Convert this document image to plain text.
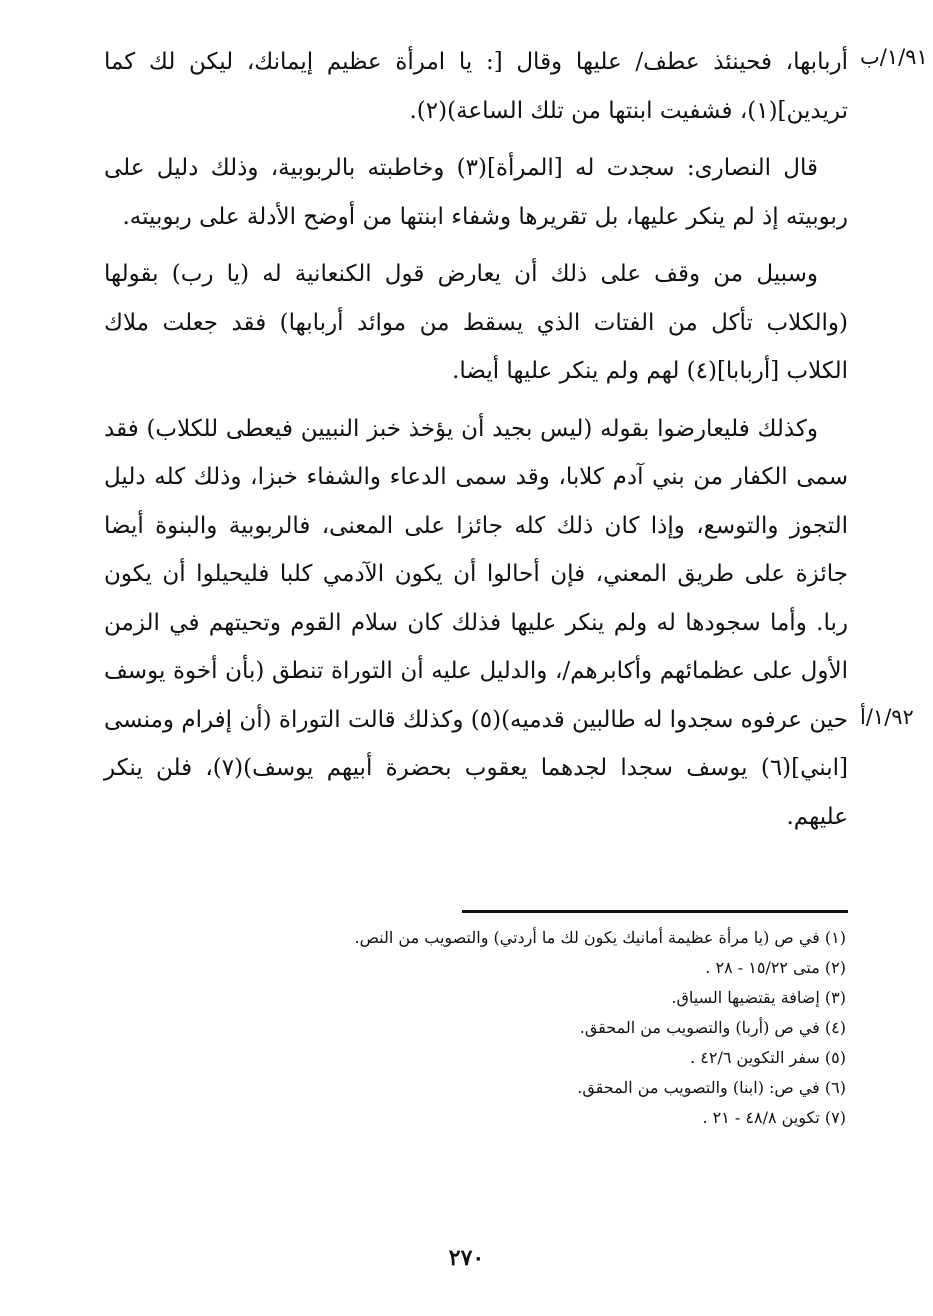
١/٩١/ب
١/٩٢/أ

أربابها، فحينئذ عطف/ عليها وقال [: يا امرأة عظيم إيمانك، ليكن لك كما تريدين](١)، فشفيت ابنتها من تلك الساعة)(٢).

قال النصارى: سجدت له [المرأة](٣) وخاطبته بالربوبية، وذلك دليل على ربوبيته إذ لم ينكر عليها، بل تقريرها وشفاء ابنتها من أوضح الأدلة على ربوبيته.

وسبيل من وقف على ذلك أن يعارض قول الكنعانية له (يا رب) بقولها (والكلاب تأكل من الفتات الذي يسقط من موائد أربابها) فقد جعلت ملاك الكلاب [أربابا](٤) لهم ولم ينكر عليها أيضا.

وكذلك فليعارضوا بقوله (ليس بجيد أن يؤخذ خبز النبيين فيعطى للكلاب) فقد سمى الكفار من بني آدم كلابا، وقد سمى الدعاء والشفاء خبزا، وذلك كله دليل التجوز والتوسع، وإذا كان ذلك كله جائزا على المعنى، فالربوبية والبنوة أيضا جائزة على طريق المعني، فإن أحالوا أن يكون الآدمي كلبا فليحيلوا أن يكون ربا. وأما سجودها له ولم ينكر عليها فذلك كان سلام القوم وتحيتهم في الزمن الأول على عظمائهم وأكابرهم/، والدليل عليه أن التوراة تنطق (بأن أخوة يوسف حين عرفوه سجدوا له طالبين قدميه)(٥) وكذلك قالت التوراة (أن إفرام ومنسى [ابني](٦) يوسف سجدا لجدهما يعقوب بحضرة أبيهم يوسف)(٧)، فلن ينكر عليهم.

(١) في ص (يا مرأة عظيمة أمانيك يكون لك ما أردتي) والتصويب من النص.
(٢) متى ١٥/٢٢ - ٢٨ .
(٣) إضافة يقتضيها السياق.
(٤) في ص (أربا) والتصويب من المحقق.
(٥) سفر التكوين ٤٢/٦ .
(٦) في ص: (ابنا) والتصويب من المحقق.
(٧) تكوين ٤٨/٨ - ٢١ .
٢٧٠
